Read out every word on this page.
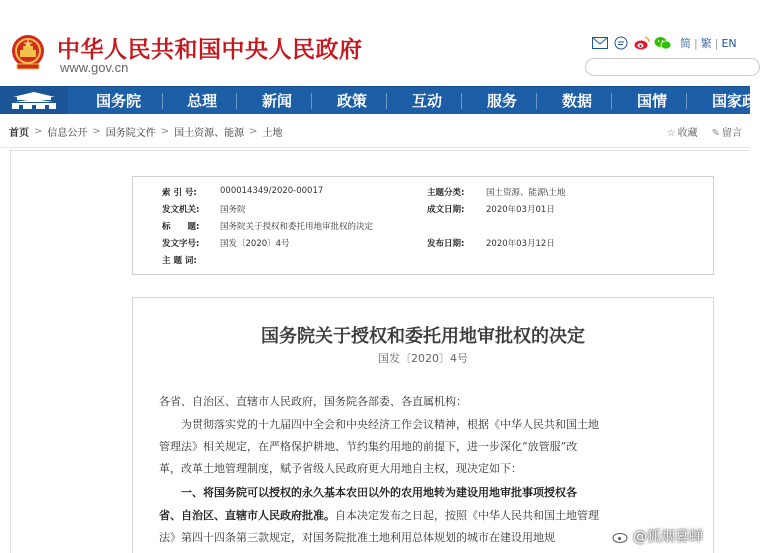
中华人民共和国中央人民政府
www.gov.cn
简 | 繁 | EN
国务院	总理	新闻	政策	互动	服务	数据	国情	国家政
首页 > 信息公开 > 国务院文件 > 国土资源、能源 > 土地	☆ 收藏 ✎ 留言
索 引 号:	000014349/2020-00017	主题分类:	国土资源、能源\土地
发文机关: 国务院	成文日期:	2020年03月01日
标　　题: 国务院关于授权和委托用地审批权的决定
发文字号: 国发〔2020〕4号	发布日期:	2020年03月12日
主 题 词:
国务院关于授权和委托用地审批权的决定
国发〔2020〕4号
各省、自治区、直辖市人民政府，国务院各部委、各直属机构：
为贯彻落实党的十九届四中全会和中央经济工作会议精神，根据《中华人民共和国土地
管理法》相关规定，在严格保护耕地、节约集约用地的前提下，进一步深化“放管服”改
革，改革土地管理制度，赋予省级人民政府更大用地自主权，现决定如下：
一、将国务院可以授权的永久基本农田以外的农用地转为建设用地审批事项授权各
省、自治区、直辖市人民政府批准。自本决定发布之日起，按照《中华人民共和国土地管理
法》第四十四条第三款规定，对国务院批准土地利用总体规划的城市在建设用地规	@狐烟暮蝉
